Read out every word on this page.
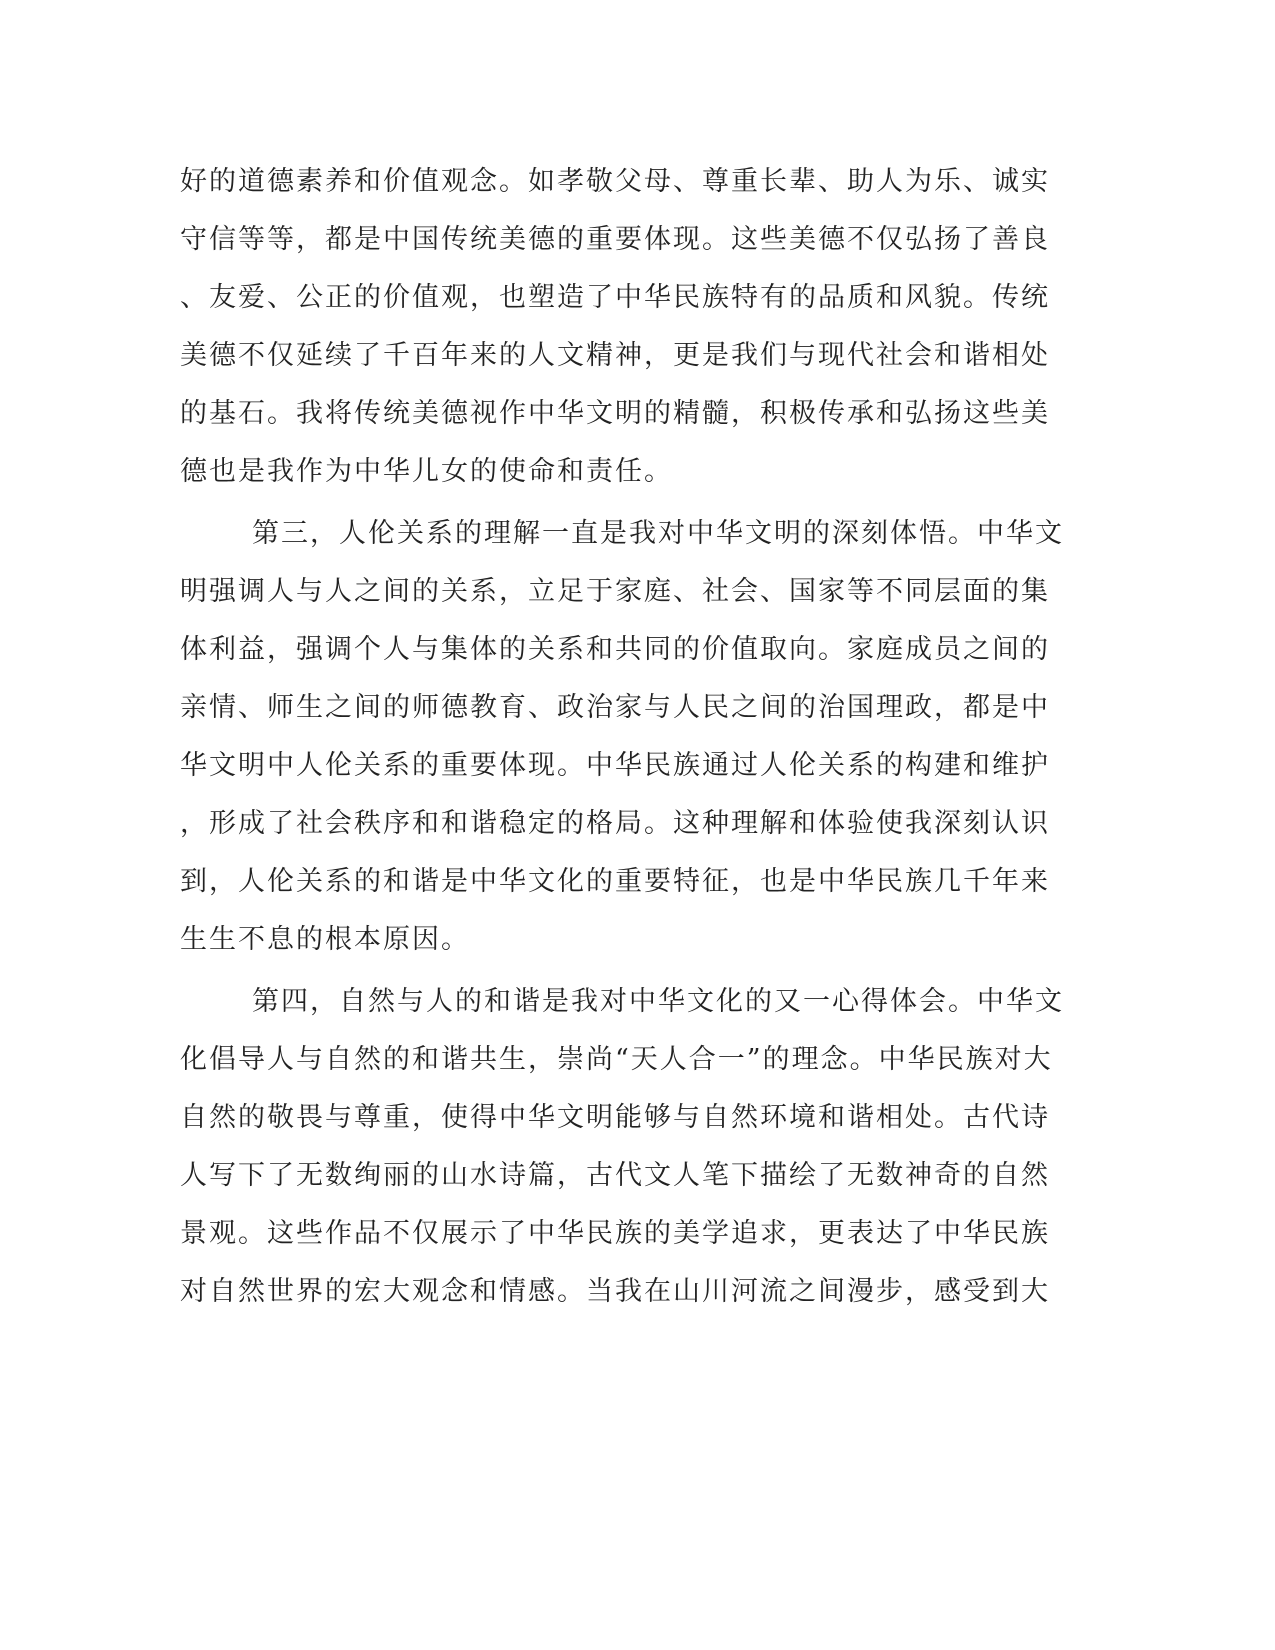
好的道德素养和价值观念。如孝敬父母、尊重长辈、助人为乐、诚实
守信等等，都是中国传统美德的重要体现。这些美德不仅弘扬了善良
、友爱、公正的价值观，也塑造了中华民族特有的品质和风貌。传统
美德不仅延续了千百年来的人文精神，更是我们与现代社会和谐相处
的基石。我将传统美德视作中华文明的精髓，积极传承和弘扬这些美
德也是我作为中华儿女的使命和责任。
第三，人伦关系的理解一直是我对中华文明的深刻体悟。中华文
明强调人与人之间的关系，立足于家庭、社会、国家等不同层面的集
体利益，强调个人与集体的关系和共同的价值取向。家庭成员之间的
亲情、师生之间的师德教育、政治家与人民之间的治国理政，都是中
华文明中人伦关系的重要体现。中华民族通过人伦关系的构建和维护
，形成了社会秩序和和谐稳定的格局。这种理解和体验使我深刻认识
到，人伦关系的和谐是中华文化的重要特征，也是中华民族几千年来
生生不息的根本原因。
第四，自然与人的和谐是我对中华文化的又一心得体会。中华文
化倡导人与自然的和谐共生，崇尚“天人合一”的理念。中华民族对大
自然的敬畏与尊重，使得中华文明能够与自然环境和谐相处。古代诗
人写下了无数绚丽的山水诗篇，古代文人笔下描绘了无数神奇的自然
景观。这些作品不仅展示了中华民族的美学追求，更表达了中华民族
对自然世界的宏大观念和情感。当我在山川河流之间漫步，感受到大
